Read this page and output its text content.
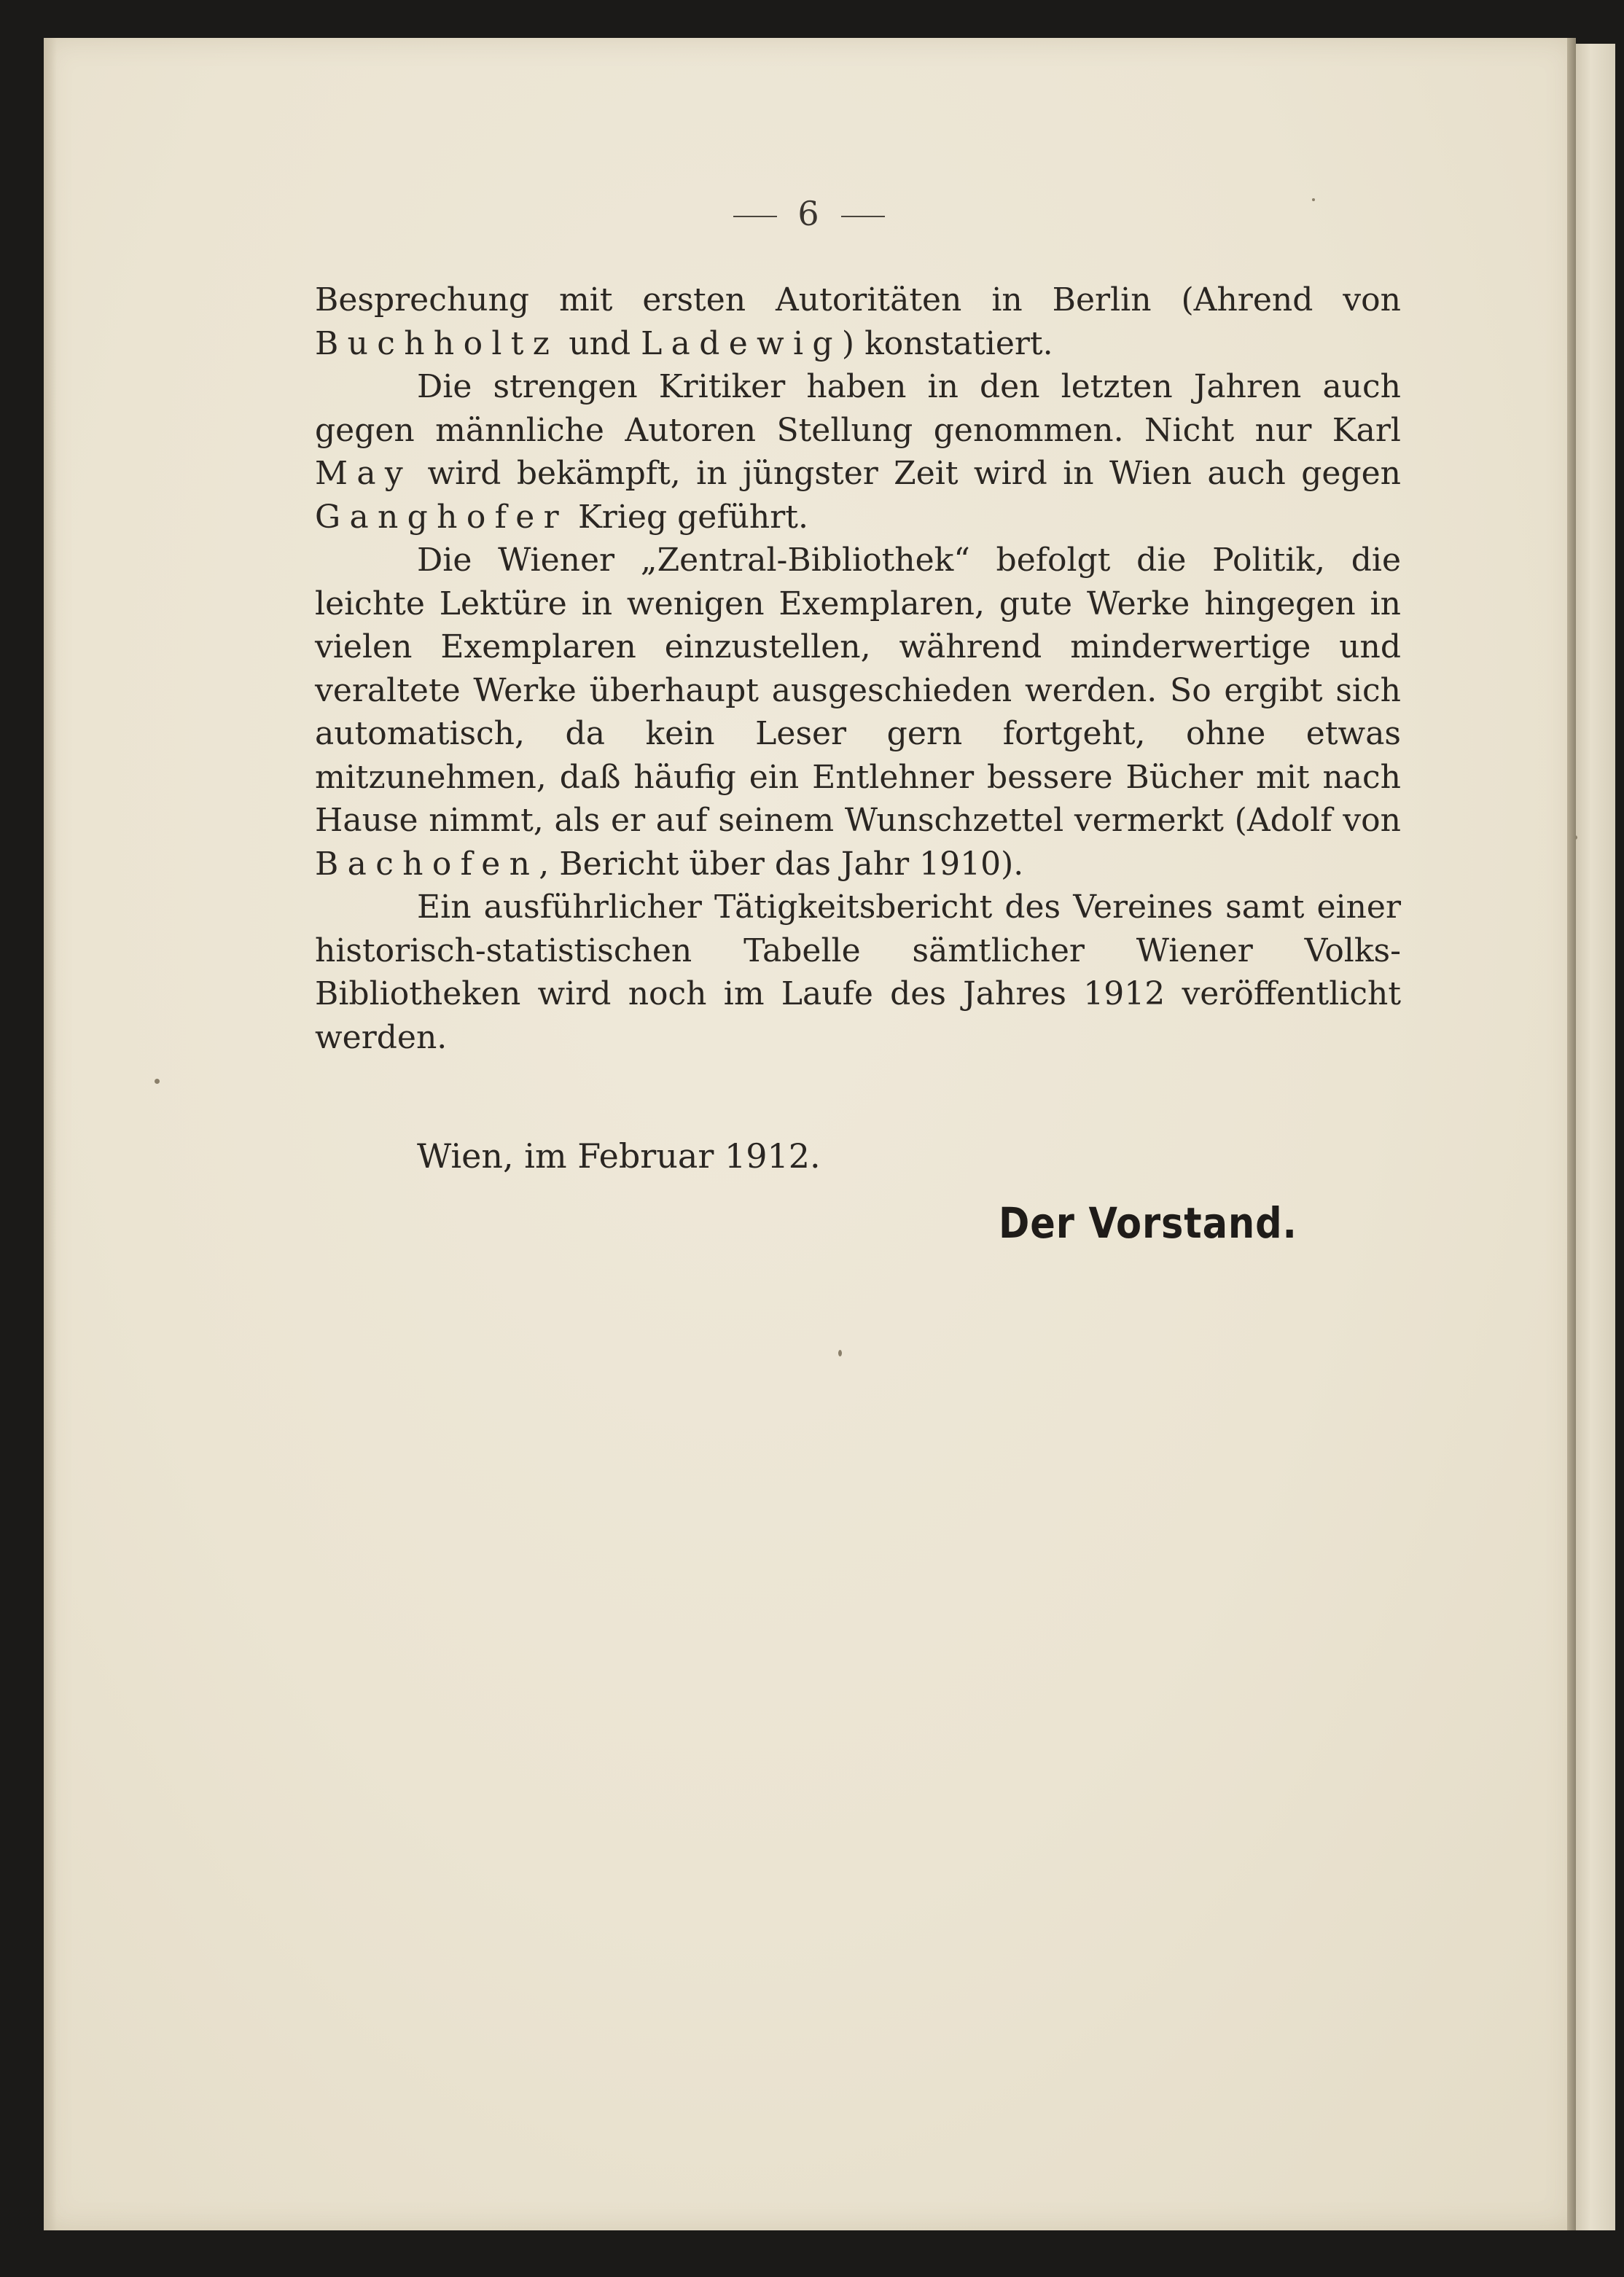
6

Besprechung mit ersten Autoritäten in Berlin (Ahrend von Buchholtz und Ladewig) konstatiert.

Die strengen Kritiker haben in den letzten Jahren auch gegen männliche Autoren Stellung genommen. Nicht nur Karl May wird bekämpft, in jüngster Zeit wird in Wien auch gegen Ganghofer Krieg geführt.

Die Wiener „Zentral-Bibliothek“ befolgt die Politik, die leichte Lektüre in wenigen Exemplaren, gute Werke hingegen in vielen Exemplaren einzustellen, während minderwertige und veraltete Werke überhaupt ausgeschieden werden. So ergibt sich automatisch, da kein Leser gern fortgeht, ohne etwas mitzunehmen, daß häufig ein Entlehner bessere Bücher mit nach Hause nimmt, als er auf seinem Wunschzettel vermerkt (Adolf von Bachofen, Bericht über das Jahr 1910).

Ein ausführlicher Tätigkeitsbericht des Vereines samt einer historisch-statistischen Tabelle sämtlicher Wiener Volks-Bibliotheken wird noch im Laufe des Jahres 1912 veröffentlicht werden.

Wien, im Februar 1912.
Der Vorstand.
